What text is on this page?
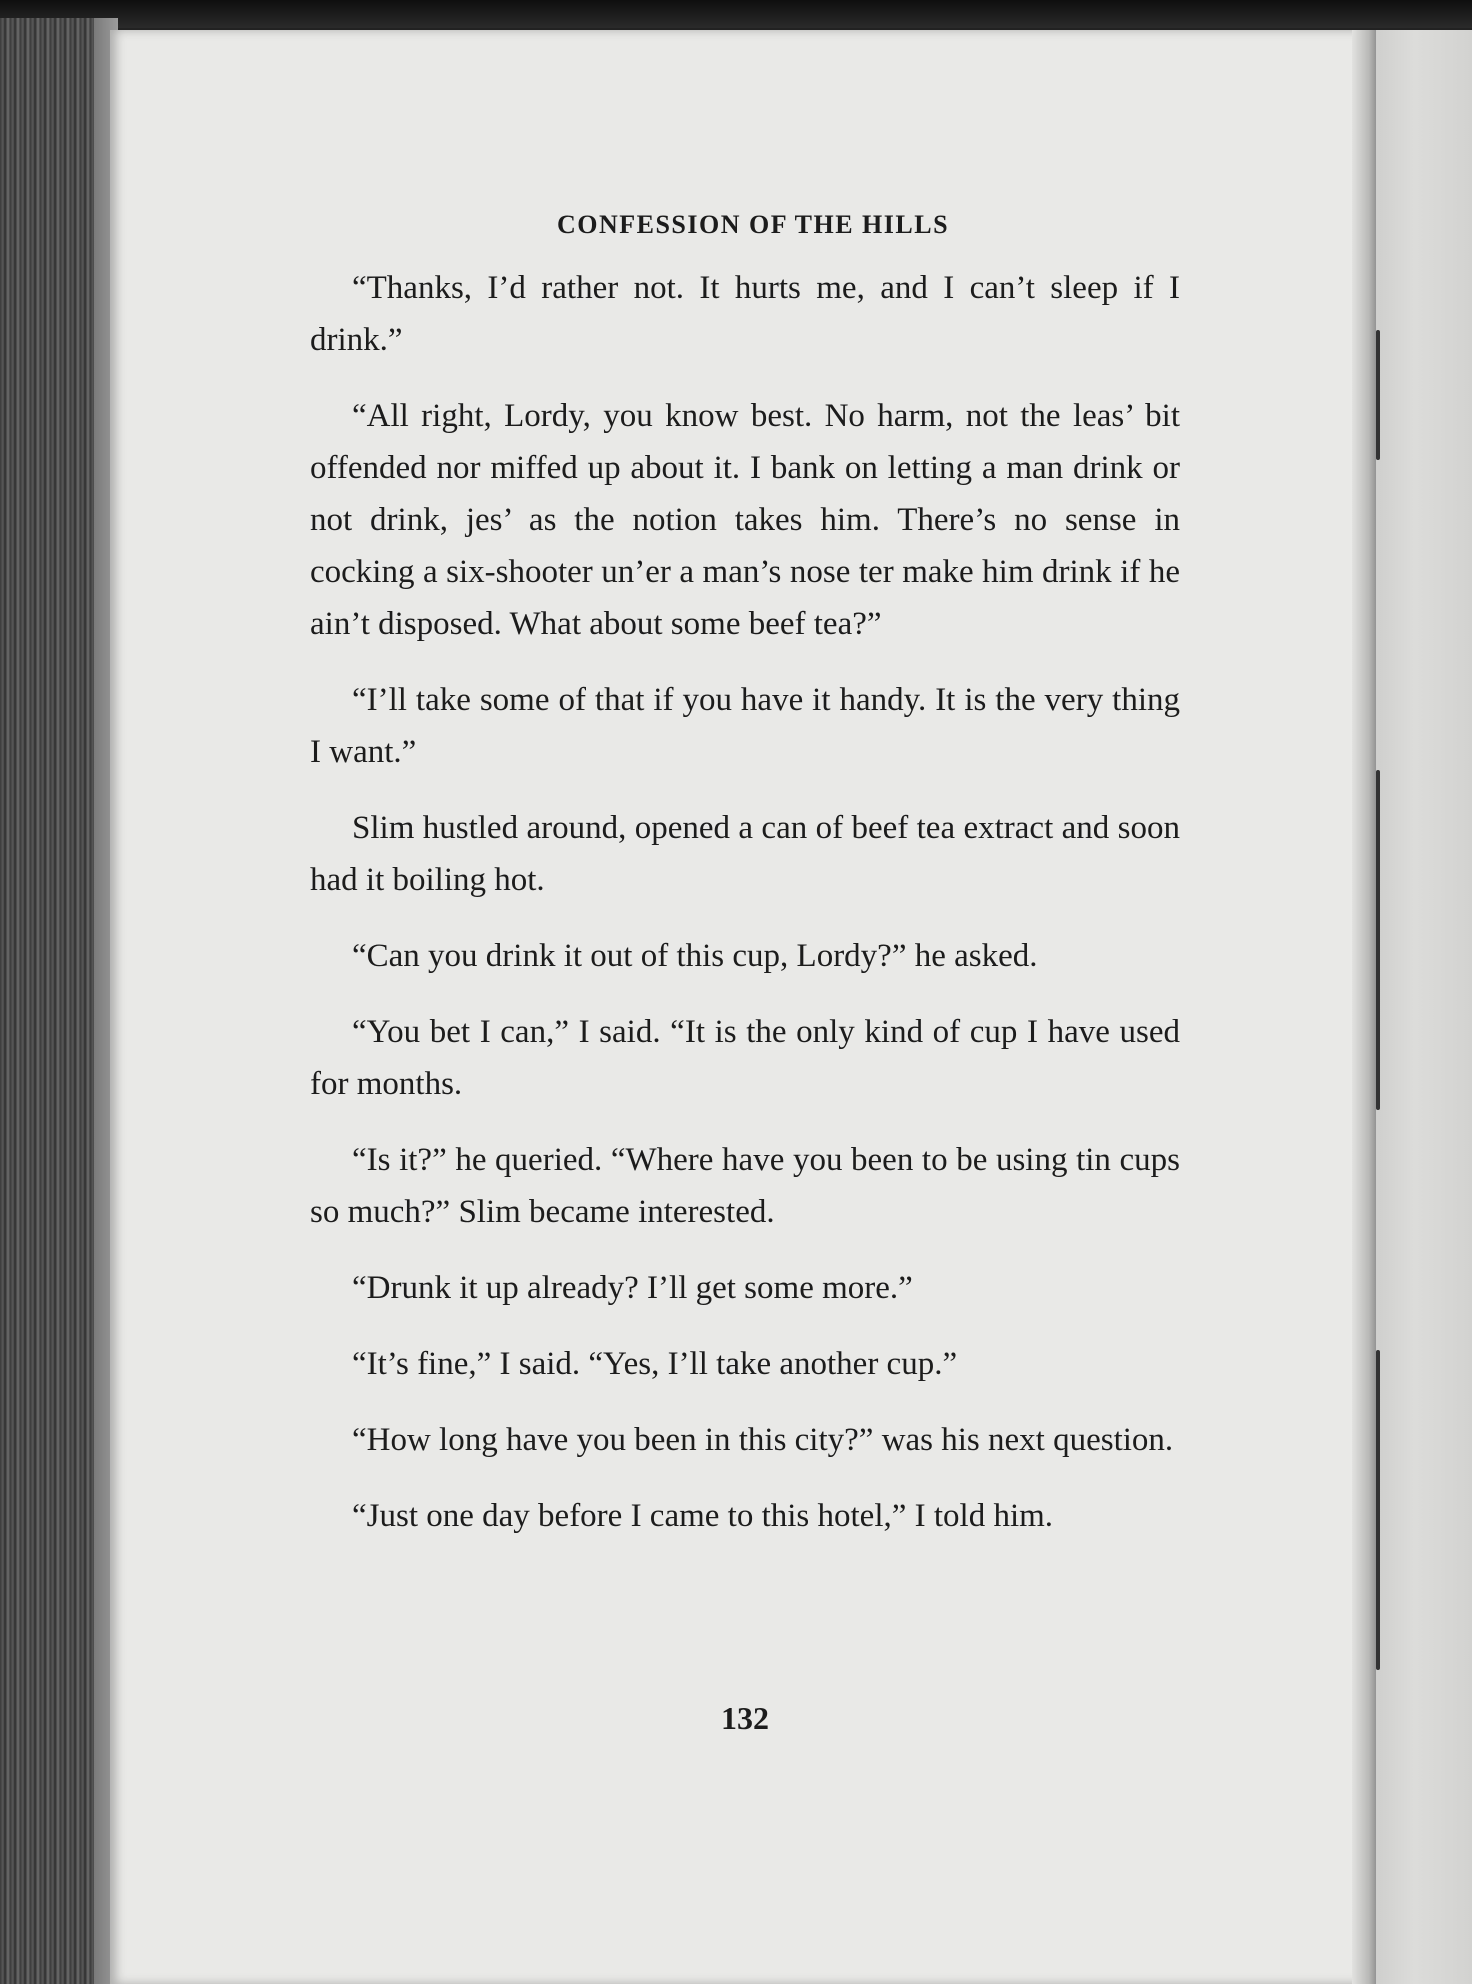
CONFESSION OF THE HILLS

“Thanks, I’d rather not. It hurts me, and I can’t sleep if I drink.”

“All right, Lordy, you know best. No harm, not the leas’ bit offended nor miffed up about it. I bank on letting a man drink or not drink, jes’ as the notion takes him. There’s no sense in cocking a six-shooter un’er a man’s nose ter make him drink if he ain’t disposed. What about some beef tea?”

“I’ll take some of that if you have it handy. It is the very thing I want.”

Slim hustled around, opened a can of beef tea extract and soon had it boiling hot.

“Can you drink it out of this cup, Lordy?” he asked.

“You bet I can,” I said. “It is the only kind of cup I have used for months.

“Is it?” he queried. “Where have you been to be using tin cups so much?” Slim became interested.

“Drunk it up already? I’ll get some more.”

“It’s fine,” I said. “Yes, I’ll take another cup.”

“How long have you been in this city?” was his next question.

“Just one day before I came to this hotel,” I told him.

132
